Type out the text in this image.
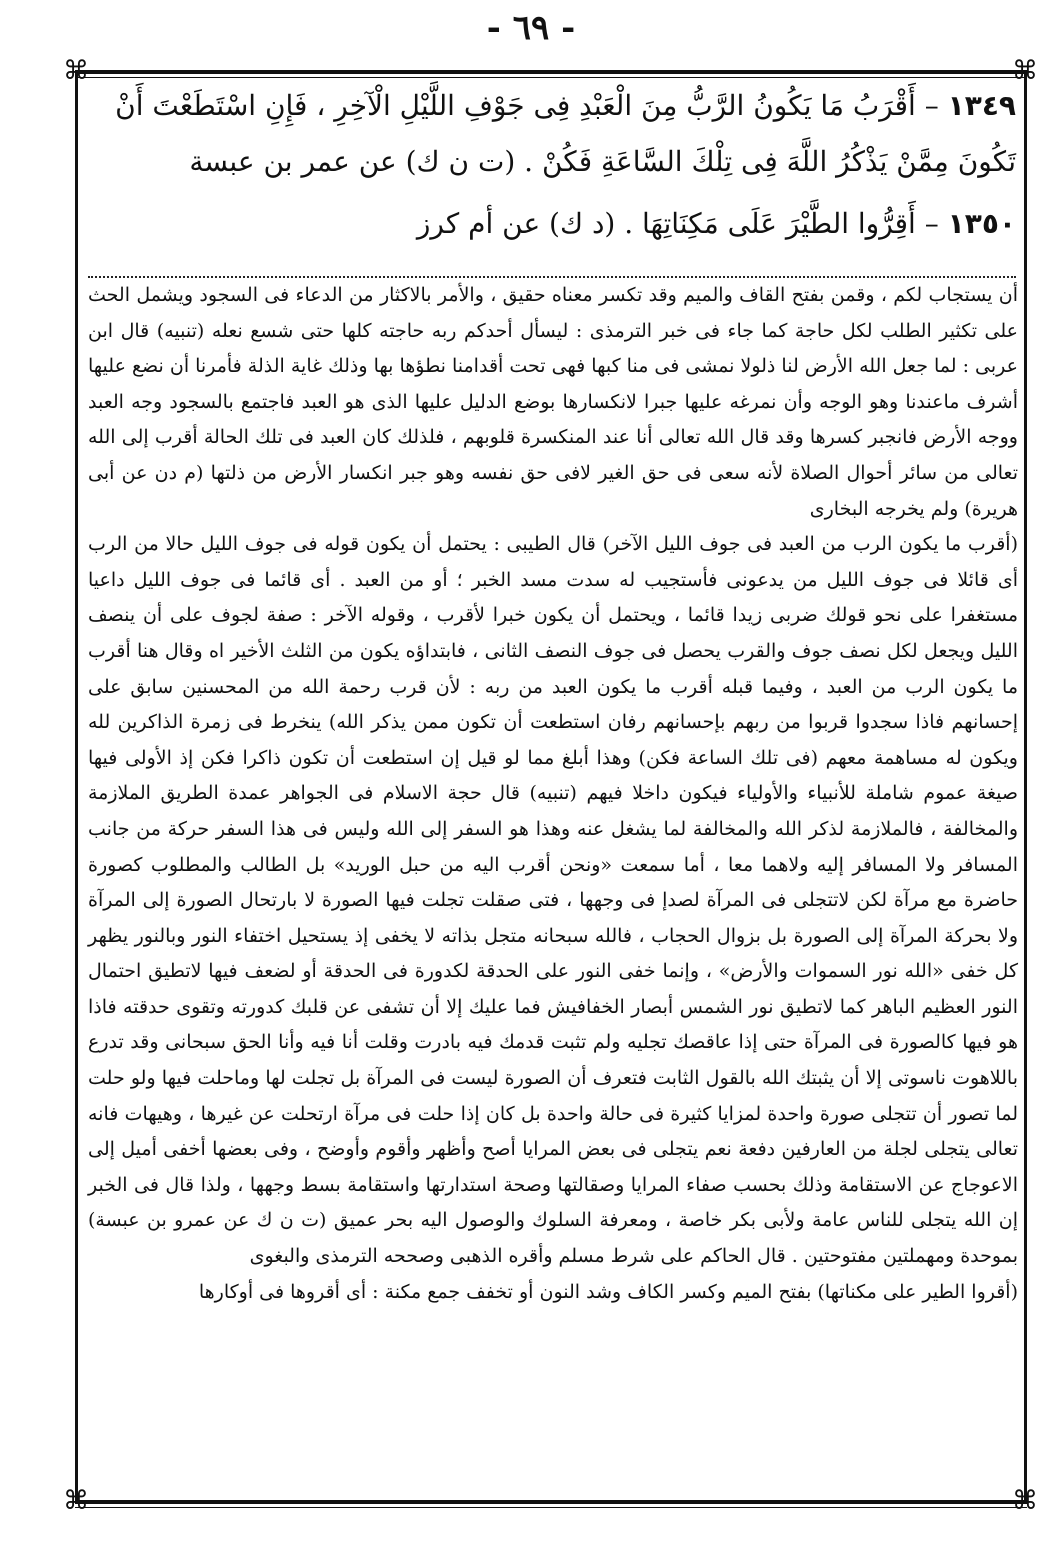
- ٦٩ -
⌘	⌘
⌘	⌘
١٣٤٩ – أَقْرَبُ مَا يَكُونُ الرَّبُّ مِنَ الْعَبْدِ فِى جَوْفِ اللَّيْلِ الْآخِرِ ، فَإِنِ اسْتَطَعْتَ أَنْ تَكُونَ مِمَّنْ يَذْكُرُ اللَّهَ فِى تِلْكَ السَّاعَةِ فَكُنْ . (ت ن ك) عن عمر بن عبسة
١٣٥٠ – أَقِرُّوا الطَّيْرَ عَلَى مَكِنَاتِهَا . (د ك) عن أم كرز

أن يستجاب لكم ، وقمن بفتح القاف والميم وقد تكسر معناه حقيق ، والأمر بالاكثار من الدعاء فى السجود ويشمل الحث على تكثير الطلب لكل حاجة كما جاء فى خبر الترمذى : ليسأل أحدكم ربه حاجته كلها حتى شسع نعله (تنبيه) قال ابن عربى : لما جعل الله الأرض لنا ذلولا نمشى فى منا كبها فهى تحت أقدامنا نطؤها بها وذلك غاية الذلة فأمرنا أن نضع عليها أشرف ماعندنا وهو الوجه وأن نمرغه عليها جبرا لانكسارها بوضع الدليل عليها الذى هو العبد فاجتمع بالسجود وجه العبد ووجه الأرض فانجبر كسرها وقد قال الله تعالى أنا عند المنكسرة قلوبهم ، فلذلك كان العبد فى تلك الحالة أقرب إلى الله تعالى من سائر أحوال الصلاة لأنه سعى فى حق الغير لافى حق نفسه وهو جبر انكسار الأرض من ذلتها (م دن عن أبى هريرة) ولم يخرجه البخارى

(أقرب ما يكون الرب من العبد فى جوف الليل الآخر) قال الطيبى : يحتمل أن يكون قوله فى جوف الليل حالا من الرب أى قائلا فى جوف الليل من يدعونى فأستجيب له سدت مسد الخبر ؛ أو من العبد . أى قائما فى جوف الليل داعيا مستغفرا على نحو قولك ضربى زيدا قائما ، ويحتمل أن يكون خبرا لأقرب ، وقوله الآخر : صفة لجوف على أن ينصف الليل ويجعل لكل نصف جوف والقرب يحصل فى جوف النصف الثانى ، فابتداؤه يكون من الثلث الأخير اه وقال هنا أقرب ما يكون الرب من العبد ، وفيما قبله أقرب ما يكون العبد من ربه : لأن قرب رحمة الله من المحسنين سابق على إحسانهم فاذا سجدوا قربوا من ربهم بإحسانهم رفان استطعت أن تكون ممن يذكر الله) ينخرط فى زمرة الذاكرين لله ويكون له مساهمة معهم (فى تلك الساعة فكن) وهذا أبلغ مما لو قيل إن استطعت أن تكون ذاكرا فكن إذ الأولى فيها صيغة عموم شاملة للأنبياء والأولياء فيكون داخلا فيهم (تنبيه) قال حجة الاسلام فى الجواهر عمدة الطريق الملازمة والمخالفة ، فالملازمة لذكر الله والمخالفة لما يشغل عنه وهذا هو السفر إلى الله وليس فى هذا السفر حركة من جانب المسافر ولا المسافر إليه ولاهما معا ، أما سمعت «ونحن أقرب اليه من حبل الوريد» بل الطالب والمطلوب كصورة حاضرة مع مرآة لكن لاتتجلى فى المرآة لصدإ فى وجهها ، فتى صقلت تجلت فيها الصورة لا بارتحال الصورة إلى المرآة ولا بحركة المرآة إلى الصورة بل بزوال الحجاب ، فالله سبحانه متجل بذاته لا يخفى إذ يستحيل اختفاء النور وبالنور يظهر كل خفى «الله نور السموات والأرض» ، وإنما خفى النور على الحدقة لكدورة فى الحدقة أو لضعف فيها لاتطيق احتمال النور العظيم الباهر كما لاتطيق نور الشمس أبصار الخفافيش فما عليك إلا أن تشفى عن قلبك كدورته وتقوى حدقته فاذا هو فيها كالصورة فى المرآة حتى إذا عاقصك تجليه ولم تثبت قدمك فيه بادرت وقلت أنا فيه وأنا الحق سبحانى وقد تدرع باللاهوت ناسوتى إلا أن يثبتك الله بالقول الثابت فتعرف أن الصورة ليست فى المرآة بل تجلت لها وماحلت فيها ولو حلت لما تصور أن تتجلى صورة واحدة لمزايا كثيرة فى حالة واحدة بل كان إذا حلت فى مرآة ارتحلت عن غيرها ، وهيهات فانه تعالى يتجلى لجلة من العارفين دفعة نعم يتجلى فى بعض المرايا أصح وأظهر وأقوم وأوضح ، وفى بعضها أخفى أميل إلى الاعوجاج عن الاستقامة وذلك بحسب صفاء المرايا وصقالتها وصحة استدارتها واستقامة بسط وجهها ، ولذا قال فى الخبر إن الله يتجلى للناس عامة ولأبى بكر خاصة ، ومعرفة السلوك والوصول اليه بحر عميق (ت ن ك عن عمرو بن عبسة) بموحدة ومهملتين مفتوحتين . قال الحاكم على شرط مسلم وأقره الذهبى وصححه الترمذى والبغوى

(أقروا الطير على مكناتها) بفتح الميم وكسر الكاف وشد النون أو تخفف جمع مكنة : أى أقروها فى أوكارها
